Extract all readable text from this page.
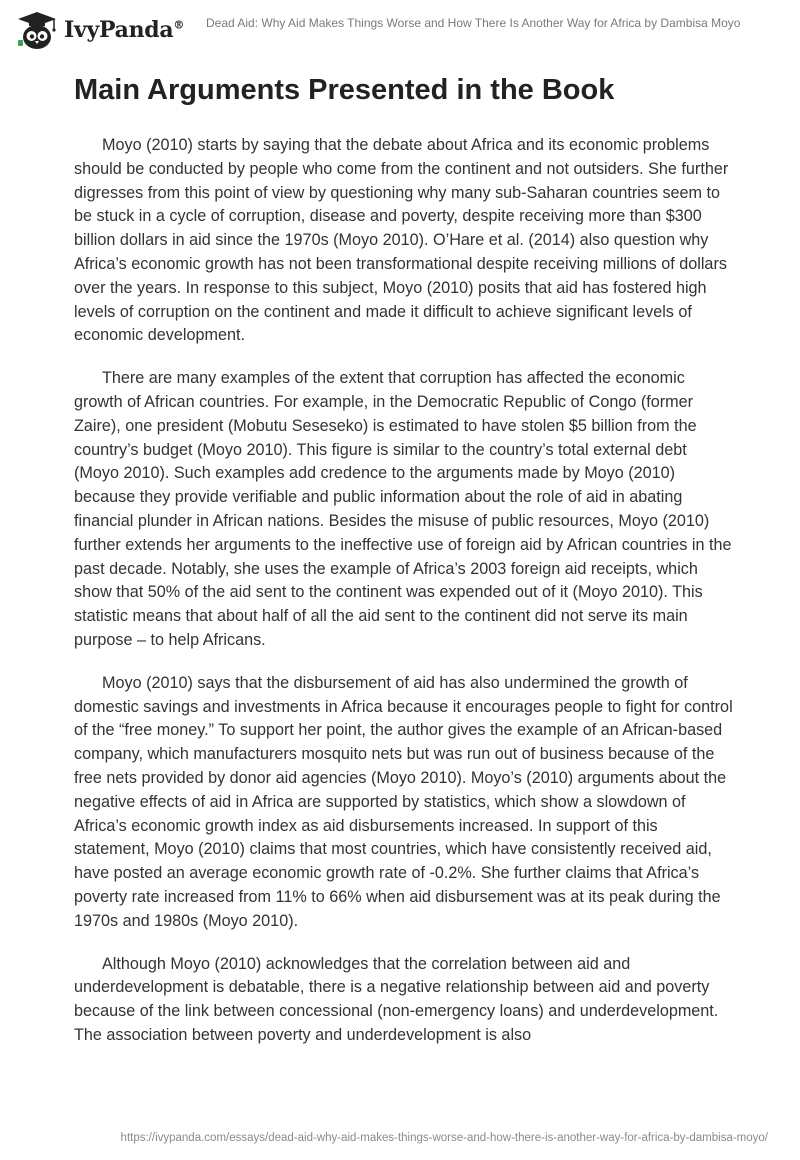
IvyPanda® Dead Aid: Why Aid Makes Things Worse and How There Is Another Way for Africa by Dambisa Moyo
Main Arguments Presented in the Book

Moyo (2010) starts by saying that the debate about Africa and its economic problems should be conducted by people who come from the continent and not outsiders. She further digresses from this point of view by questioning why many sub-Saharan countries seem to be stuck in a cycle of corruption, disease and poverty, despite receiving more than $300 billion dollars in aid since the 1970s (Moyo 2010). O’Hare et al. (2014) also question why Africa’s economic growth has not been transformational despite receiving millions of dollars over the years. In response to this subject, Moyo (2010) posits that aid has fostered high levels of corruption on the continent and made it difficult to achieve significant levels of economic development.

There are many examples of the extent that corruption has affected the economic growth of African countries. For example, in the Democratic Republic of Congo (former Zaire), one president (Mobutu Seseseko) is estimated to have stolen $5 billion from the country’s budget (Moyo 2010). This figure is similar to the country’s total external debt (Moyo 2010). Such examples add credence to the arguments made by Moyo (2010) because they provide verifiable and public information about the role of aid in abating financial plunder in African nations. Besides the misuse of public resources, Moyo (2010) further extends her arguments to the ineffective use of foreign aid by African countries in the past decade. Notably, she uses the example of Africa’s 2003 foreign aid receipts, which show that 50% of the aid sent to the continent was expended out of it (Moyo 2010). This statistic means that about half of all the aid sent to the continent did not serve its main purpose – to help Africans.

Moyo (2010) says that the disbursement of aid has also undermined the growth of domestic savings and investments in Africa because it encourages people to fight for control of the “free money.” To support her point, the author gives the example of an African-based company, which manufacturers mosquito nets but was run out of business because of the free nets provided by donor aid agencies (Moyo 2010). Moyo’s (2010) arguments about the negative effects of aid in Africa are supported by statistics, which show a slowdown of Africa’s economic growth index as aid disbursements increased. In support of this statement, Moyo (2010) claims that most countries, which have consistently received aid, have posted an average economic growth rate of -0.2%. She further claims that Africa’s poverty rate increased from 11% to 66% when aid disbursement was at its peak during the 1970s and 1980s (Moyo 2010).

Although Moyo (2010) acknowledges that the correlation between aid and underdevelopment is debatable, there is a negative relationship between aid and poverty because of the link between concessional (non-emergency loans) and underdevelopment. The association between poverty and underdevelopment is also

https://ivypanda.com/essays/dead-aid-why-aid-makes-things-worse-and-how-there-is-another-way-for-africa-by-dambisa-moyo/
